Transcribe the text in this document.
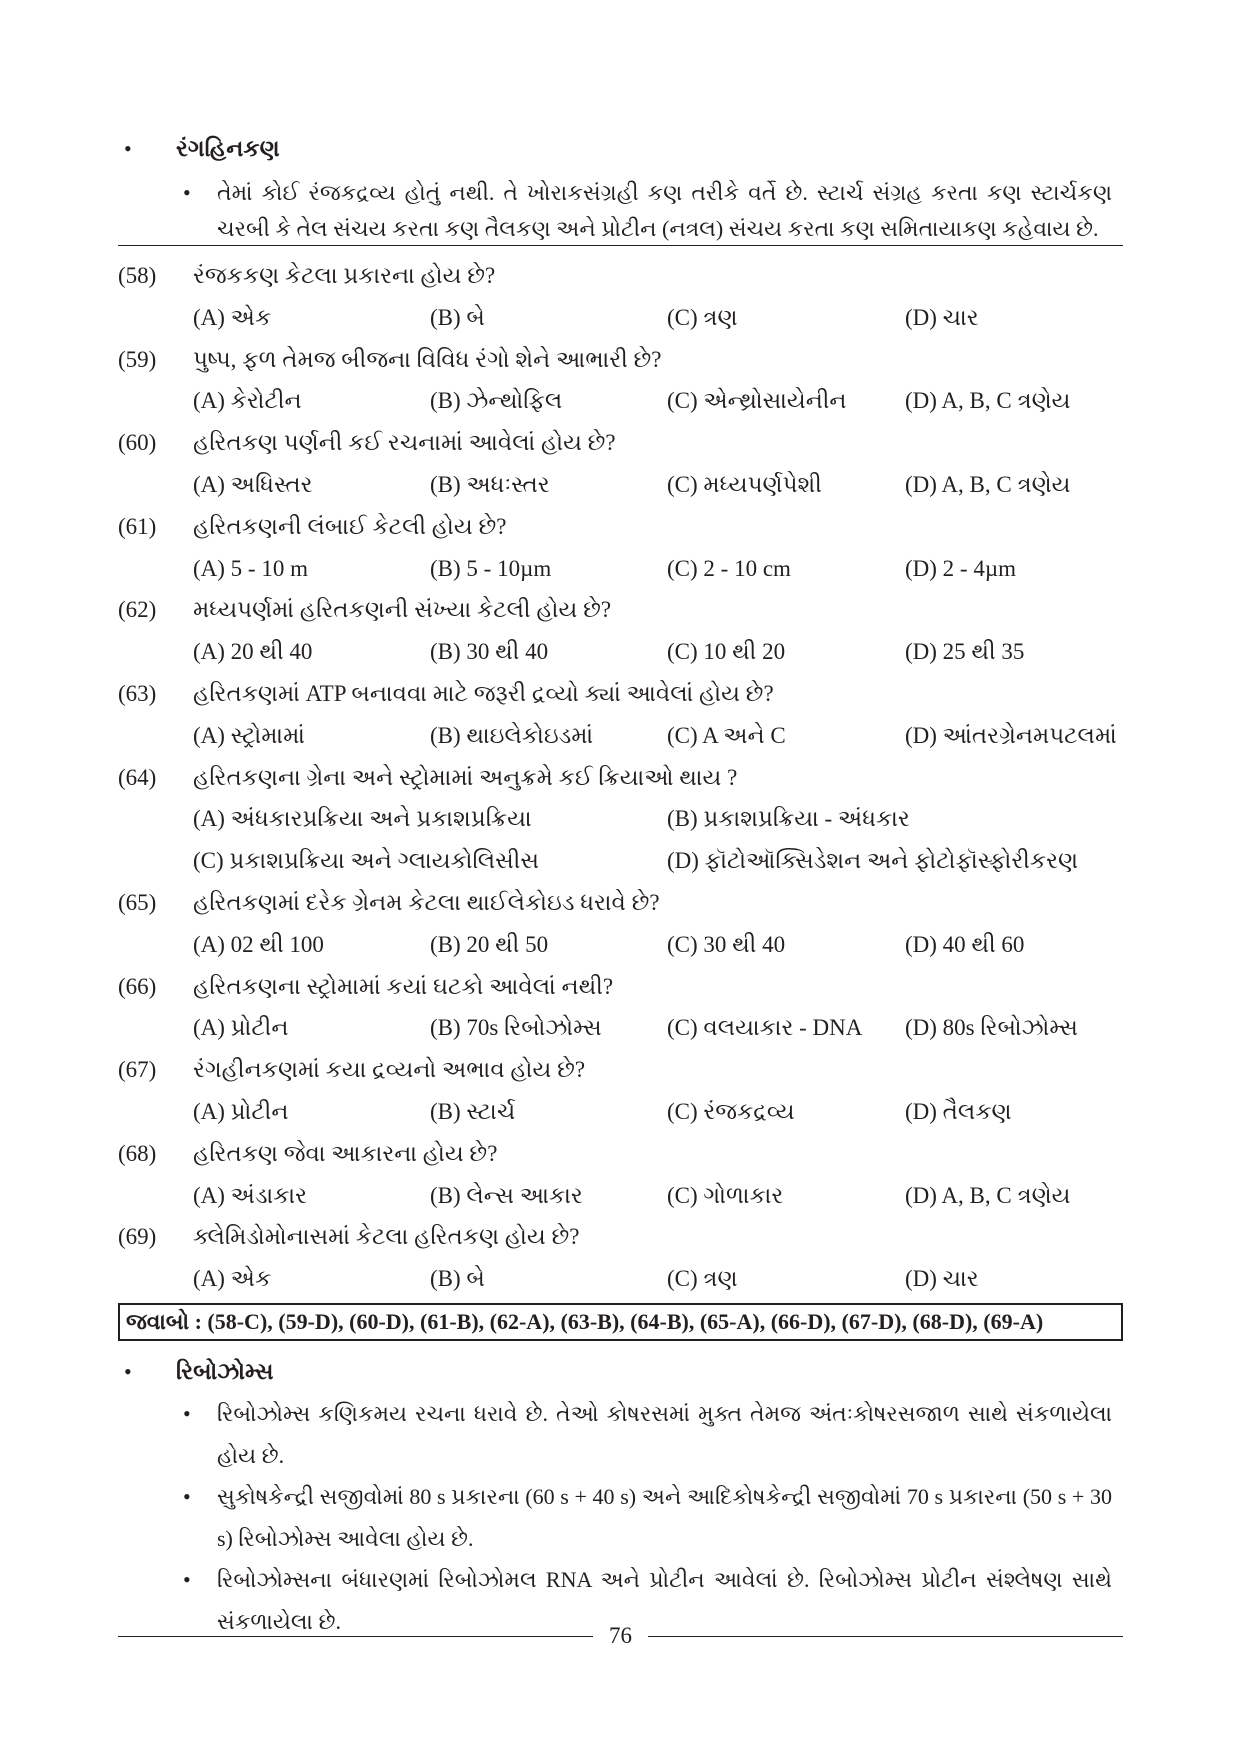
• રંગહિનકણ
• તેમાં કોઈ રંજકદ્રવ્ય હોતું નથી. તે ખોરાકસંગ્રહી કણ તરીકે વર્તે છે. સ્ટાર્ચ સંગ્રહ કરતા કણ સ્ટાર્ચકણ ચરબી કે તેલ સંચય કરતા કણ તૈલકણ અને પ્રોટીન (નત્રલ) સંચય કરતા કણ સમિતાયાકણ કહેવાય છે.

(58)	રંજકકણ કેટલા પ્રકારના હોય છે?
(A) એક	(B) બે	(C) ત્રણ	(D) ચાર
(59)	પુષ્પ, ફળ તેમજ બીજના વિવિધ રંગો શેને આભારી છે?
(A) કેરોટીન	(B) ઝેન્થોફિલ	(C) એન્થ્રોસાયેનીન	(D) A, B, C ત્રણેય
(60)	હરિતકણ પર્ણની કઈ રચનામાં આવેલાં હોય છે?
(A) અધિસ્તર	(B) અધઃસ્તર	(C) મધ્યપર્ણપેશી	(D) A, B, C ત્રણેય
(61)	હરિતકણની લંબાઈ કેટલી હોય છે?
(A) 5 - 10 m	(B) 5 - 10µm	(C) 2 - 10 cm	(D) 2 - 4µm
(62)	મધ્યપર્ણમાં હરિતકણની સંખ્યા કેટલી હોય છે?
(A) 20 થી 40	(B) 30 થી 40	(C) 10 થી 20	(D) 25 થી 35
(63)	હરિતકણમાં ATP બનાવવા માટે જરૂરી દ્રવ્યો ક્યાં આવેલાં હોય છે?
(A) સ્ટ્રોમામાં	(B) થાઇલેકોઇડમાં	(C) A અને C	(D) આંતરગ્રેનમપટલમાં
(64)	હરિતકણના ગ્રેના અને સ્ટ્રોમામાં અનુક્રમે કઈ ક્રિયાઓ થાય ?
(A) અંધકારપ્રક્રિયા અને પ્રકાશપ્રક્રિયા	(B) પ્રકાશપ્રક્રિયા - અંધકાર
(C) પ્રકાશપ્રક્રિયા અને ગ્લાયકોલિસીસ	(D) ફૉટોઑક્સિડેશન અને ફોટોફૉસ્ફોરીકરણ
(65)	હરિતકણમાં દરેક ગ્રેનમ કેટલા થાઈલેકોઇડ ધરાવે છે?
(A) 02 થી 100	(B) 20 થી 50	(C) 30 થી 40	(D) 40 થી 60
(66)	હરિતકણના સ્ટ્રોમામાં કયાં ઘટકો આવેલાં નથી?
(A) પ્રોટીન	(B) 70s રિબોઝોમ્સ	(C) વલયાકાર - DNA	(D) 80s રિબોઝોમ્સ
(67)	રંગહીનકણમાં કયા દ્રવ્યનો અભાવ હોય છે?
(A) પ્રોટીન	(B) સ્ટાર્ચ	(C) રંજકદ્રવ્ય	(D) તૈલકણ
(68)	હરિતકણ જેવા આકારના હોય છે?
(A) અંડાકાર	(B) લેન્સ આકાર	(C) ગોળાકાર	(D) A, B, C ત્રણેય
(69)	ક્લેમિડોમોનાસમાં કેટલા હરિતકણ હોય છે?
(A) એક	(B) બે	(C) ત્રણ	(D) ચાર
જવાબો : (58-C), (59-D), (60-D), (61-B), (62-A), (63-B), (64-B), (65-A), (66-D), (67-D), (68-D), (69-A)
• રિબોઝોમ્સ
• રિબોઝોમ્સ કણિકમય રચના ધરાવે છે. તેઓ કોષરસમાં મુક્ત તેમજ અંતઃકોષરસજાળ સાથે સંકળાયેલા હોય છે.

• સુકોષકેન્દ્રી સજીવોમાં 80 s પ્રકારના (60 s + 40 s) અને આદિકોષકેન્દ્રી સજીવોમાં 70 s પ્રકારના (50 s + 30 s) રિબોઝોમ્સ આવેલા હોય છે.

• રિબોઝોમ્સના બંધારણમાં રિબોઝોમલ RNA અને પ્રોટીન આવેલાં છે. રિબોઝોમ્સ પ્રોટીન સંશ્લેષણ સાથે સંકળાયેલા છે.

76
